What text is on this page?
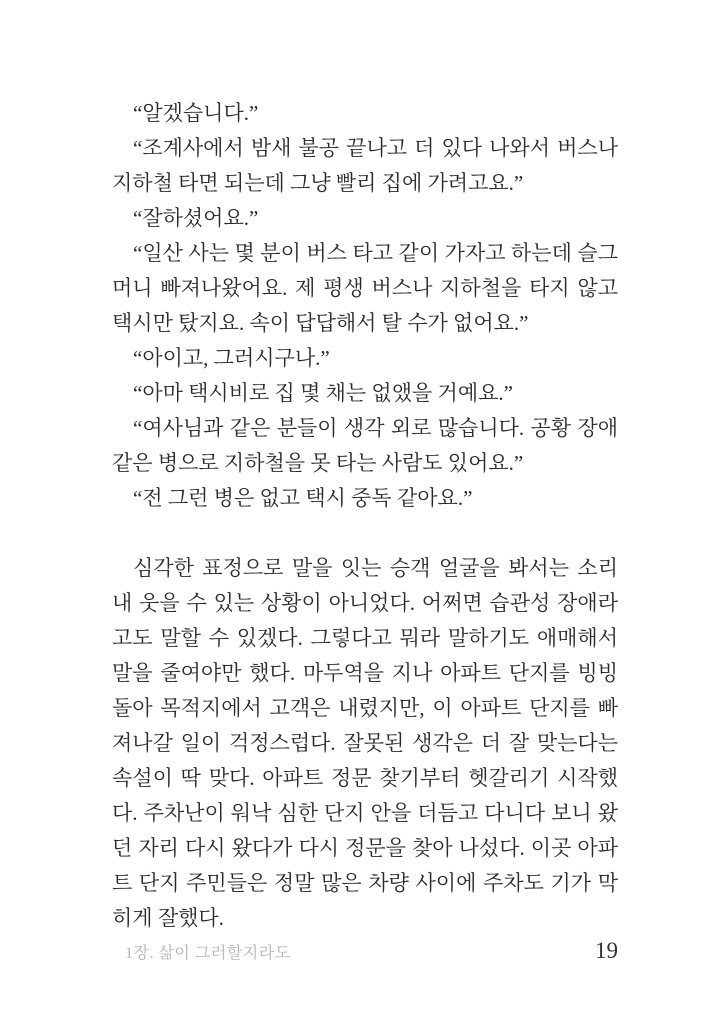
“알겠습니다.”

“조계사에서 밤새 불공 끝나고 더 있다 나와서 버스나 지하철 타면 되는데 그냥 빨리 집에 가려고요.”

“잘하셨어요.”

“일산 사는 몇 분이 버스 타고 같이 가자고 하는데 슬그머니 빠져나왔어요. 제 평생 버스나 지하철을 타지 않고 택시만 탔지요. 속이 답답해서 탈 수가 없어요.”

“아이고, 그러시구나.”

“아마 택시비로 집 몇 채는 없앴을 거예요.”

“여사님과 같은 분들이 생각 외로 많습니다. 공황 장애 같은 병으로 지하철을 못 타는 사람도 있어요.”

“전 그런 병은 없고 택시 중독 같아요.”

심각한 표정으로 말을 잇는 승객 얼굴을 봐서는 소리 내 웃을 수 있는 상황이 아니었다. 어쩌면 습관성 장애라고도 말할 수 있겠다. 그렇다고 뭐라 말하기도 애매해서 말을 줄여야만 했다. 마두역을 지나 아파트 단지를 빙빙 돌아 목적지에서 고객은 내렸지만, 이 아파트 단지를 빠져나갈 일이 걱정스럽다. 잘못된 생각은 더 잘 맞는다는 속설이 딱 맞다. 아파트 정문 찾기부터 헷갈리기 시작했다. 주차난이 워낙 심한 단지 안을 더듬고 다니다 보니 왔던 자리 다시 왔다가 다시 정문을 찾아 나섰다. 이곳 아파트 단지 주민들은 정말 많은 차량 사이에 주차도 기가 막히게 잘했다.

1장. 삶이 그러할지라도	19
